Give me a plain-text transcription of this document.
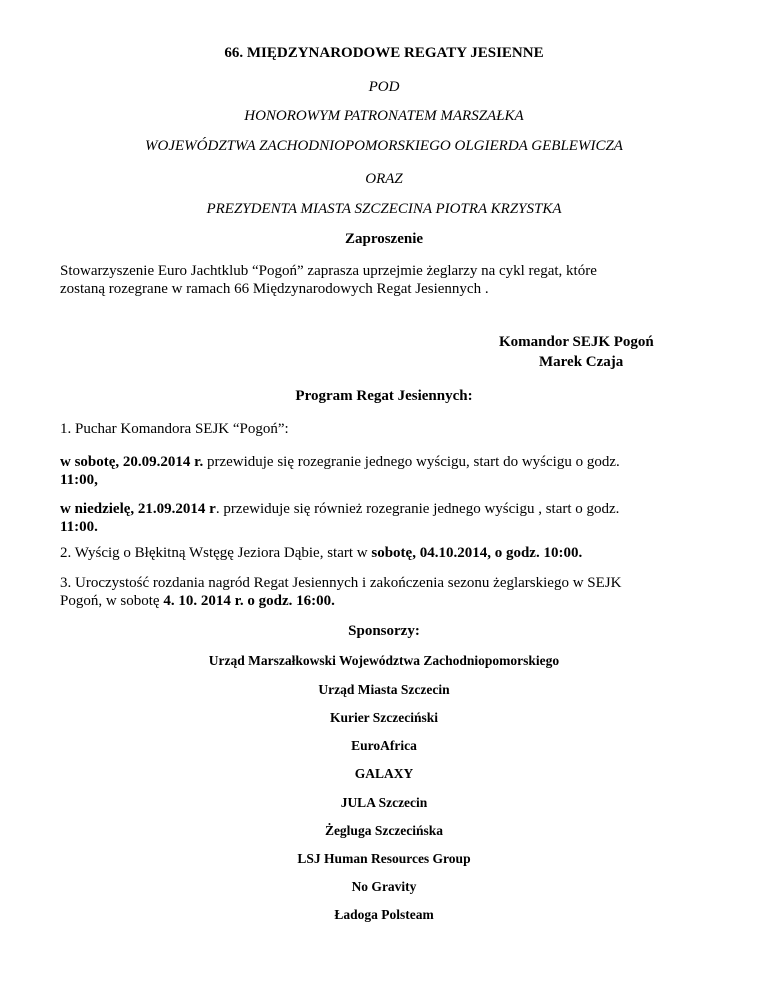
66. MIĘDZYNARODOWE REGATY JESIENNE
POD
HONOROWYM PATRONATEM MARSZAŁKA
WOJEWÓDZTWA ZACHODNIOPOMORSKIEGO OLGIERDA GEBLEWICZA
ORAZ
PREZYDENTA MIASTA SZCZECINA PIOTRA KRZYSTKA
Zaproszenie
Stowarzyszenie Euro Jachtklub “Pogoń” zaprasza uprzejmie żeglarzy na cykl regat, które
zostaną rozegrane w ramach 66 Międzynarodowych Regat Jesiennych .
Komandor SEJK Pogoń
Marek Czaja
Program Regat Jesiennych:
1. Puchar Komandora SEJK “Pogoń”:
w sobotę, 20.09.2014 r. przewiduje się rozegranie jednego wyścigu, start do wyścigu o godz.
11:00,
w niedzielę, 21.09.2014 r. przewiduje się również rozegranie jednego wyścigu , start o godz.
11:00.
2. Wyścig o Błękitną Wstęgę Jeziora Dąbie, start w sobotę, 04.10.2014, o godz. 10:00.
3. Uroczystość rozdania nagród Regat Jesiennych i zakończenia sezonu żeglarskiego w SEJK
Pogoń, w sobotę 4. 10. 2014 r. o godz. 16:00.
Sponsorzy:
Urząd Marszałkowski Województwa Zachodniopomorskiego
Urząd Miasta Szczecin
Kurier Szczeciński
EuroAfrica
GALAXY
JULA Szczecin
Żegluga Szczecińska
LSJ Human Resources Group
No Gravity
Ładoga Polsteam
